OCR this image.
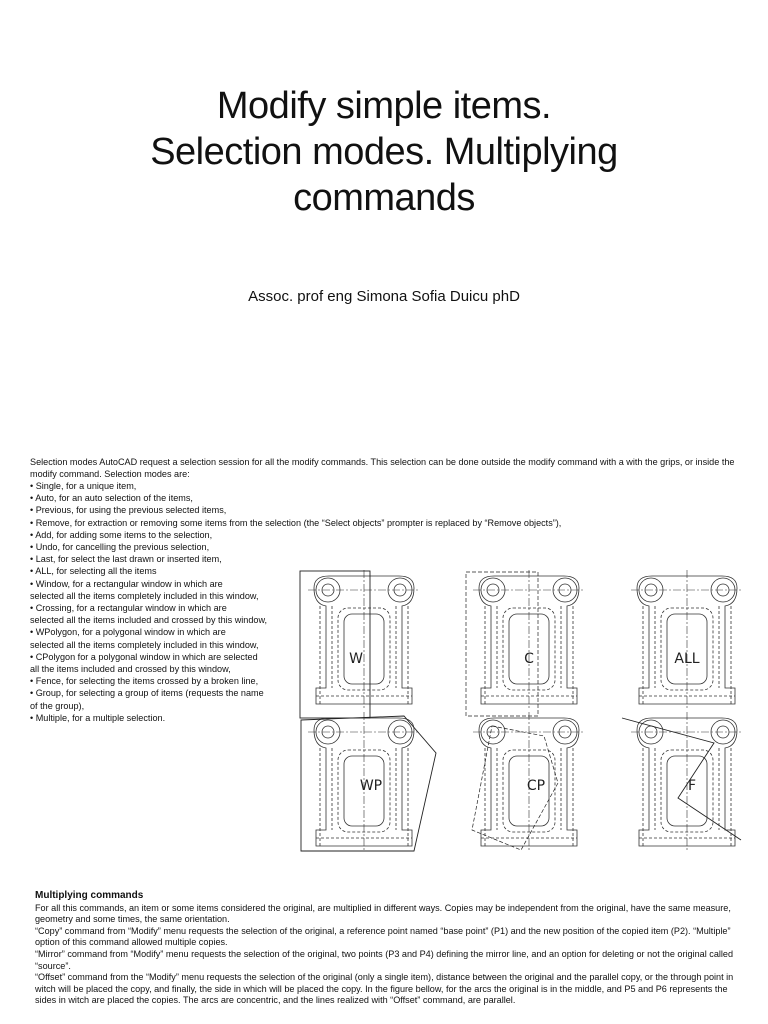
Modify simple items.
Selection modes. Multiplying
commands
Assoc. prof eng Simona Sofia Duicu phD
Selection modes AutoCAD request a selection session for all the modify commands. This selection can be done outside the modify command with a with the grips, or inside the modify command. Selection modes are:
• Single, for a unique item,
• Auto, for an auto selection of the items,
• Previous, for using the previous selected items,
• Remove, for extraction or removing some items from the selection (the “Select objects” prompter is replaced by “Remove objects”),
• Add, for adding some items to the selection,
• Undo, for cancelling the previous selection,
• Last, for select the last drawn or inserted item,
• ALL, for selecting all the items
• Window, for a rectangular window in which are
selected all the items completely included in this window,
• Crossing, for a rectangular window in which are
selected all the items included and crossed by this window,
• WPolygon, for a polygonal window in which are
selected all the items completely included in this window,
• CPolygon for a polygonal window in which are selected
all the items included and crossed by this window,
• Fence, for selecting the items crossed by a broken line,
• Group, for selecting a group of items (requests the name
of the group),
• Multiple, for a multiple selection.
W	C	ALL
WP	CP	F
Multiplying commands

For all this commands, an item or some items considered the original, are multiplied in different ways. Copies may be independent from the original, have the same measure, geometry and some times, the same orientation.

“Copy” command from “Modify” menu requests the selection of the original, a reference point named “base point” (P1) and the new position of the copied item (P2). “Multiple” option of this command allowed multiple copies.

“Mirror” command from “Modify” menu requests the selection of the original, two points (P3 and P4) defining the mirror line, and an option for deleting or not the original called “source”.

“Offset” command from the “Modify” menu requests the selection of the original (only a single item), distance between the original and the parallel copy, or the through point in witch will be placed the copy, and finally, the side in which will be placed the copy. In the figure bellow, for the arcs the original is in the middle, and P5 and P6 represents the sides in witch are placed the copies. The arcs are concentric, and the lines realized with “Offset” command, are parallel.
